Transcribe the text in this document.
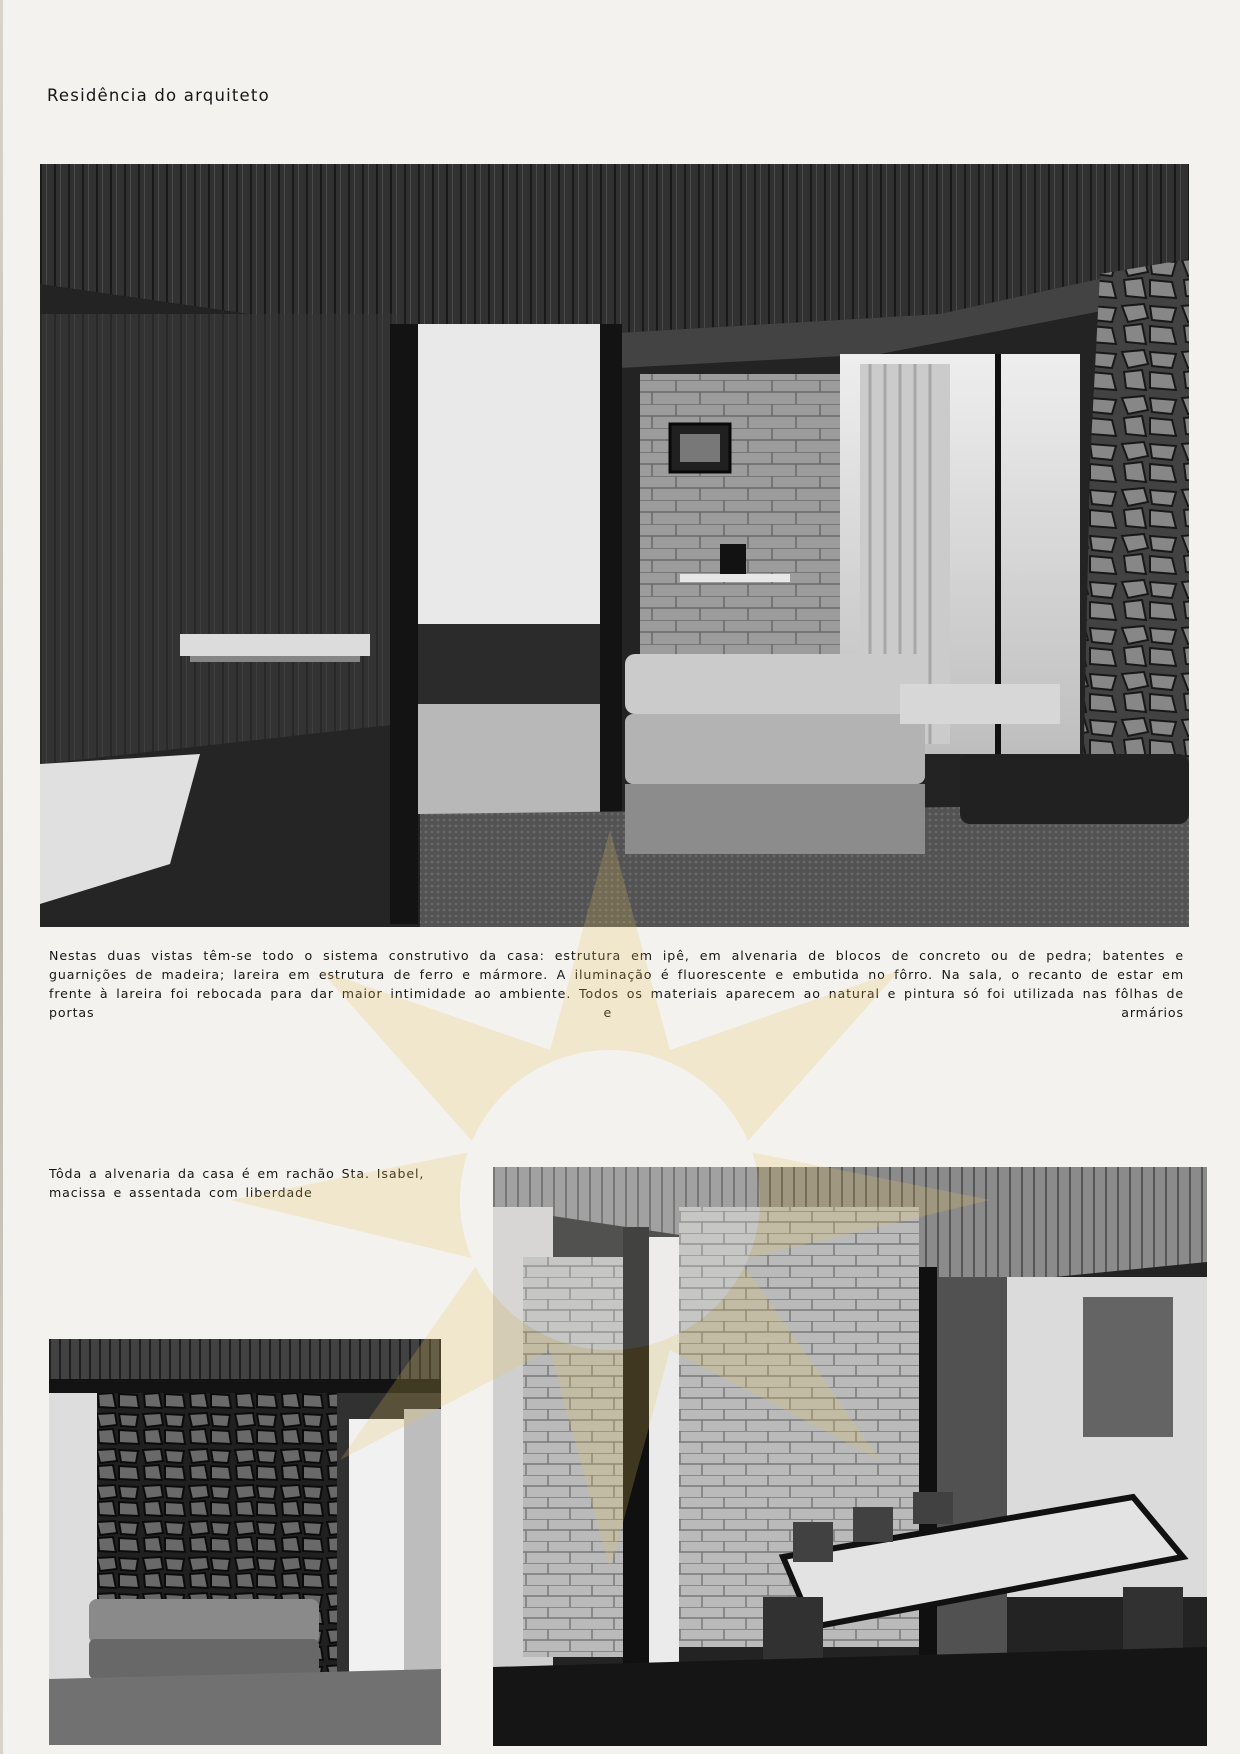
Residência do arquiteto
Nestas duas vistas têm-se todo o sistema construtivo da casa: estrutura em ipê, em alvenaria de blocos de concreto ou de pedra; batentes e guarnições de madeira; lareira em estrutura de ferro e mármore. A iluminação é fluorescente e embutida no fôrro. Na sala, o recanto de estar em frente à lareira foi rebocada para dar maior intimidade ao ambiente. Todos os materiais aparecem ao natural e pintura só foi utilizada nas fôlhas de portas e armários
Tôda a alvenaria da casa é em rachão Sta. Isabel, macissa e assentada com liberdade
